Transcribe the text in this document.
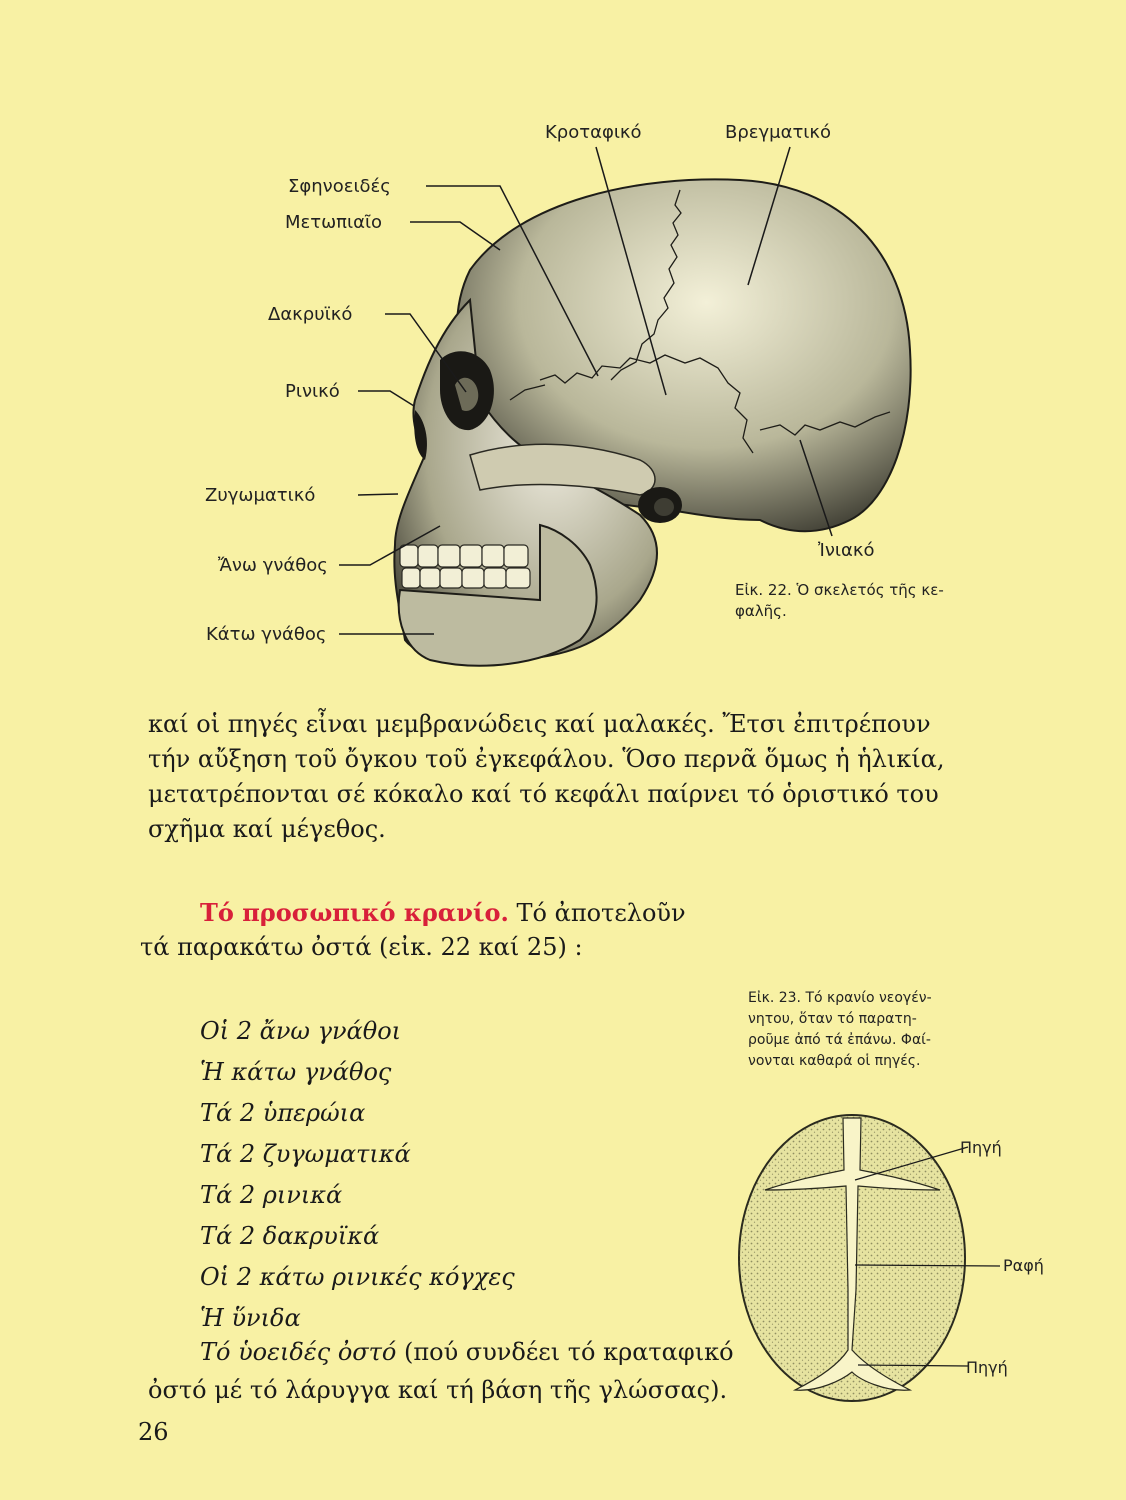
Κροταφικό	Βρεγματικό
Σφηνοειδές
Μετωπιαῖο
Δακρυϊκό
Ρινικό
Ζυγωματικό
Ἄνω γνάθος
Κάτω γνάθος
Ἰνιακό
Εἰκ. 22. Ὁ σκελετός τῆς κε-
φαλῆς.
καί οἱ πηγές εἶναι μεμβρανώδεις καί μαλακές. Ἔτσι ἐπιτρέπουν
τήν αὔξηση τοῦ ὄγκου τοῦ ἐγκεφάλου. Ὅσο περνᾶ ὅμως ἡ ἡλικία,
μετατρέπονται σέ κόκαλο καί τό κεφάλι παίρνει τό ὁριστικό του
σχῆμα καί μέγεθος.
Τό προσωπικό κρανίο. Τό ἀποτελοῦν
τά παρακάτω ὀστά (εἰκ. 22 καί 25) :
Οἱ 2 ἄνω γνάθοι
Ἡ κάτω γνάθος
Τά 2 ὑπερώια
Τά 2 ζυγωματικά
Τά 2 ρινικά
Τά 2 δακρυϊκά
Οἱ 2 κάτω ρινικές κόγχες
Ἡ ὕνιδα
Τό ὑοειδές ὀστό (πού συνδέει τό κραταφικό
ὀστό μέ τό λάρυγγα καί τή βάση τῆς γλώσσας).
26
Εἰκ. 23. Τό κρανίο νεογέν-
νητου, ὅταν τό παρατη-
ροῦμε ἀπό τά ἐπάνω. Φαί-
νονται καθαρά οἱ πηγές.
Πηγή
Ραφή
Πηγή
